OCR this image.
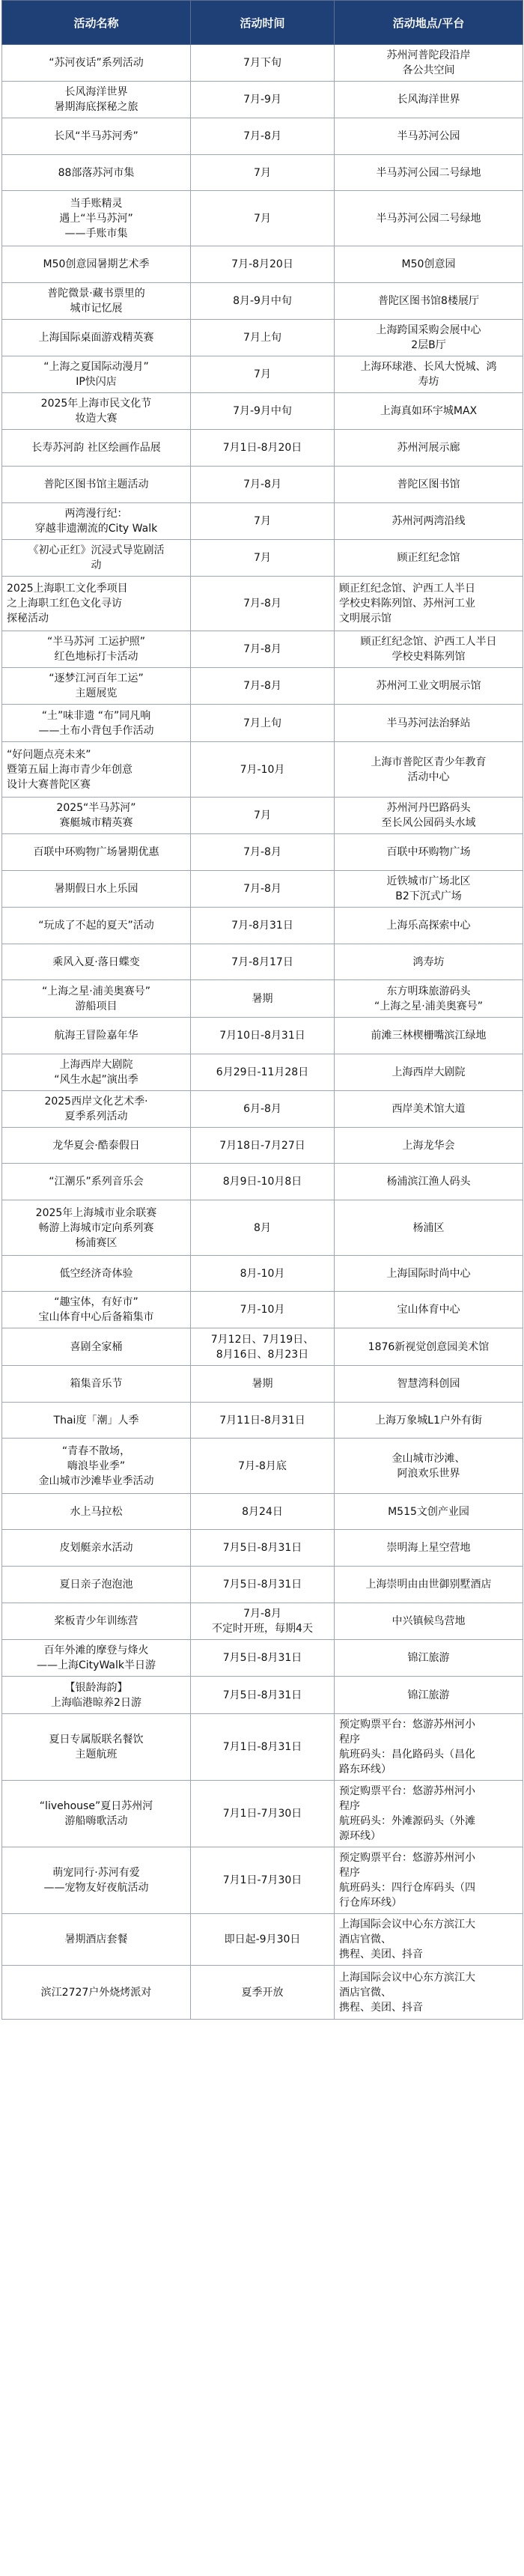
活动名称	活动时间	活动地点/平台

“苏河夜话”系列活动	7月下旬	苏州河普陀段沿岸
各公共空间

长风海洋世界
暑期海底探秘之旅	7月-9月	长风海洋世界

长风“半马苏河秀”	7月-8月	半马苏河公园

88部落苏河市集	7月	半马苏河公园二号绿地

当手账精灵
遇上“半马苏河”
——手账市集	7月	半马苏河公园二号绿地

M50创意园暑期艺术季	7月-8月20日	M50创意园

普陀微景·藏书票里的
城市记忆展	8月-9月中旬	普陀区图书馆8楼展厅

上海国际桌面游戏精英赛	7月上旬	上海跨国采购会展中心
2层B厅

“上海之夏国际动漫月”
IP快闪店	7月	上海环球港、长风大悦城、鸿
寿坊

2025年上海市民文化节
妆造大赛	7月-9月中旬	上海真如环宇城MAX

长寿苏河韵 社区绘画作品展	7月1日-8月20日	苏州河展示廊

普陀区图书馆主题活动	7月-8月	普陀区图书馆

两湾漫行纪：
穿越非遗潮流的City Walk	7月	苏州河两湾沿线

《初心正红》沉浸式导览剧活
动	7月	顾正红纪念馆

2025上海职工文化季项目
之上海职工红色文化寻访
探秘活动	7月-8月	顾正红纪念馆、沪西工人半日
学校史料陈列馆、苏州河工业
文明展示馆

“半马苏河 工运护照”
红色地标打卡活动	7月-8月	顾正红纪念馆、沪西工人半日
学校史料陈列馆

“逐梦江河百年工运”
主题展览	7月-8月	苏州河工业文明展示馆

“土”味非遗 “布”同凡响
——土布小背包手作活动	7月上旬	半马苏河法治驿站

“好问题点亮未来”
暨第五届上海市青少年创意
设计大赛普陀区赛	7月-10月	上海市普陀区青少年教育
活动中心

2025“半马苏河”
赛艇城市精英赛	7月	苏州河丹巴路码头
至长风公园码头水域

百联中环购物广场暑期优惠	7月-8月	百联中环购物广场

暑期假日水上乐园	7月-8月	近铁城市广场北区
B2下沉式广场

“玩成了不起的夏天”活动	7月-8月31日	上海乐高探索中心

乘风入夏·落日蝶变	7月-8月17日	鸿寿坊

“上海之星·浦美奥赛号”
游船项目	暑期	东方明珠旅游码头
“上海之星·浦美奥赛号”

航海王冒险嘉年华	7月10日-8月31日	前滩三林楔栅嘴滨江绿地

上海西岸大剧院
“风生水起”演出季	6月29日-11月28日	上海西岸大剧院

2025西岸文化艺术季·
夏季系列活动	6月-8月	西岸美术馆大道

龙华夏会·酷泰假日	7月18日-7月27日	上海龙华会

“江潮乐”系列音乐会	8月9日-10月8日	杨浦滨江渔人码头

2025年上海城市业余联赛
畅游上海城市定向系列赛
杨浦赛区	8月	杨浦区

低空经济奇体验	8月-10月	上海国际时尚中心

“趣宝体，有好市”
宝山体育中心后备箱集市	7月-10月	宝山体育中心

喜剧全家桶	7月12日、7月19日、
8月16日、8月23日	1876新视觉创意园美术馆

箱集音乐节	暑期	智慧湾科创园

Thai度「潮」人季	7月11日-8月31日	上海万象城L1户外有街

“青春不散场，
嗨浪毕业季”
金山城市沙滩毕业季活动	7月-8月底	金山城市沙滩、
阿浪欢乐世界

水上马拉松	8月24日	M515文创产业园

皮划艇亲水活动	7月5日-8月31日	崇明海上星空营地

夏日亲子泡泡池	7月5日-8月31日	上海崇明由由世御别墅酒店

桨板青少年训练营	7月-8月
不定时开班，每期4天	中兴镇候鸟营地

百年外滩的摩登与烽火
——上海CityWalk半日游	7月5日-8月31日	锦江旅游

【银龄海韵】
上海临港晾养2日游	7月5日-8月31日	锦江旅游

夏日专属版联名餐饮
主题航班	7月1日-8月31日	预定购票平台：悠游苏州河小
程序
航班码头：昌化路码头（昌化
路东环线）

“livehouse”夏日苏州河
游船嗨歌活动	7月1日-7月30日	预定购票平台：悠游苏州河小
程序
航班码头：外滩源码头（外滩
源环线）

萌宠同行·苏河有爱
——宠物友好夜航活动	7月1日-7月30日	预定购票平台：悠游苏州河小
程序
航班码头：四行仓库码头（四
行仓库环线）

暑期酒店套餐	即日起-9月30日	上海国际会议中心东方滨江大
酒店官微、
携程、美团、抖音

滨江2727户外烧烤派对	夏季开放	上海国际会议中心东方滨江大
酒店官微、
携程、美团、抖音
